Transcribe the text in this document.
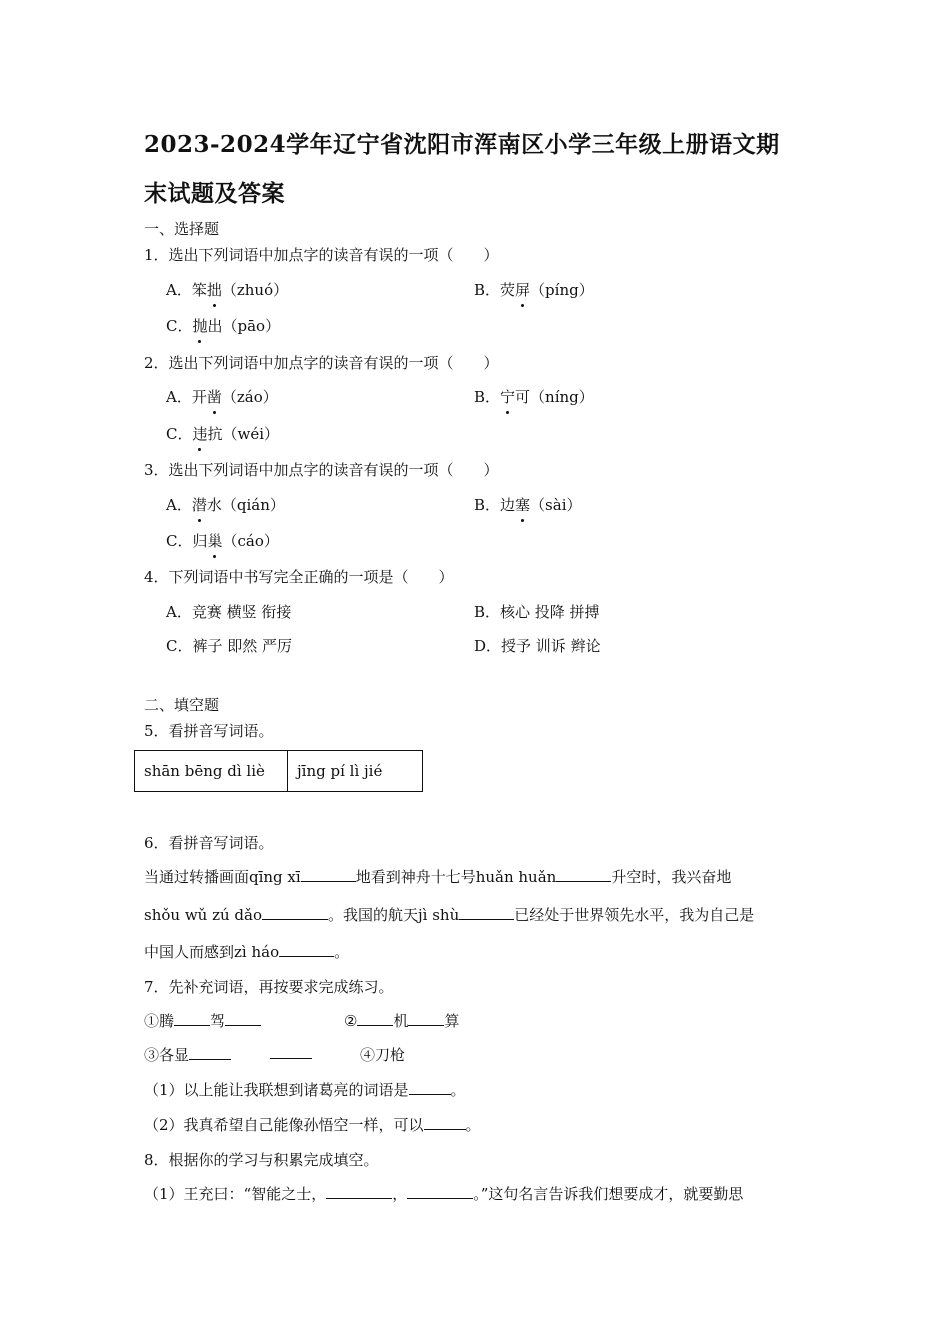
2023-2024学年辽宁省沈阳市浑南区小学三年级上册语文期
末试题及答案
一、选择题
1．选出下列词语中加点字的读音有误的一项（　　）
A．笨拙（zhuó）	B．荧屏（píng）
C．抛出（pāo）
2．选出下列词语中加点字的读音有误的一项（　　）
A．开凿（záo）	B．宁可（níng）
C．违抗（wéi）
3．选出下列词语中加点字的读音有误的一项（　　）
A．潜水（qián）	B．边塞（sài）
C．归巢（cáo）
4．下列词语中书写完全正确的一项是（　　）
A．竞赛 横竖 衔接	B．核心 投降 拼搏
C．裤子 即然 严厉	D．授予 训诉 辫论
二、填空题
5．看拼音写词语。
shān bēng dì liè	jīng pí lì jié
6．看拼音写词语。
当通过转播画面qīng xī	地看到神舟十七号huǎn huǎn	升空时，我兴奋地
shǒu wǔ zú dǎo	。我国的航天jì shù	已经处于世界领先水平，我为自己是
中国人而感到zì háo	。
7．先补充词语，再按要求完成练习。
①腾 驾	② 机 算
③各显	④刀枪
（1）以上能让我联想到诸葛亮的词语是	。
（2）我真希望自己能像孙悟空一样，可以	。
8．根据你的学习与积累完成填空。
（1）王充曰：“智能之士，	，	。”这句名言告诉我们想要成才，就要勤思
